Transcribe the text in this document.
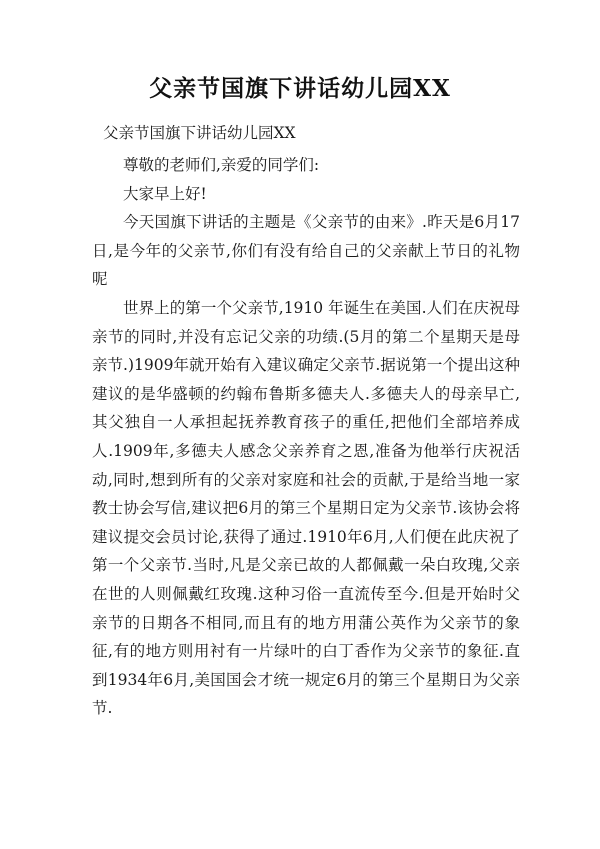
父亲节国旗下讲话幼儿园XX
父亲节国旗下讲话幼儿园XX

尊敬的老师们,亲爱的同学们:

大家早上好!

今天国旗下讲话的主题是《父亲节的由来》.昨天是6月17日,是今年的父亲节,你们有没有给自己的父亲献上节日的礼物呢

世界上的第一个父亲节,1910 年诞生在美国.人们在庆祝母亲节的同时,并没有忘记父亲的功绩.(5月的第二个星期天是母亲节.)1909年就开始有入建议确定父亲节.据说第一个提出这种建议的是华盛顿的约翰布鲁斯多德夫人.多德夫人的母亲早亡,其父独自一人承担起抚养教育孩子的重任,把他们全部培养成人.1909年,多德夫人感念父亲养育之恩,准备为他举行庆祝活动,同时,想到所有的父亲对家庭和社会的贡献,于是给当地一家教士协会写信,建议把6月的第三个星期日定为父亲节.该协会将建议提交会员讨论,获得了通过.1910年6月,人们便在此庆祝了第一个父亲节.当时,凡是父亲已故的人都佩戴一朵白玫瑰,父亲在世的人则佩戴红玫瑰.这种习俗一直流传至今.但是开始时父亲节的日期各不相同,而且有的地方用蒲公英作为父亲节的象征,有的地方则用衬有一片绿叶的白丁香作为父亲节的象征.直到1934年6月,美国国会才统一规定6月的第三个星期日为父亲节.
